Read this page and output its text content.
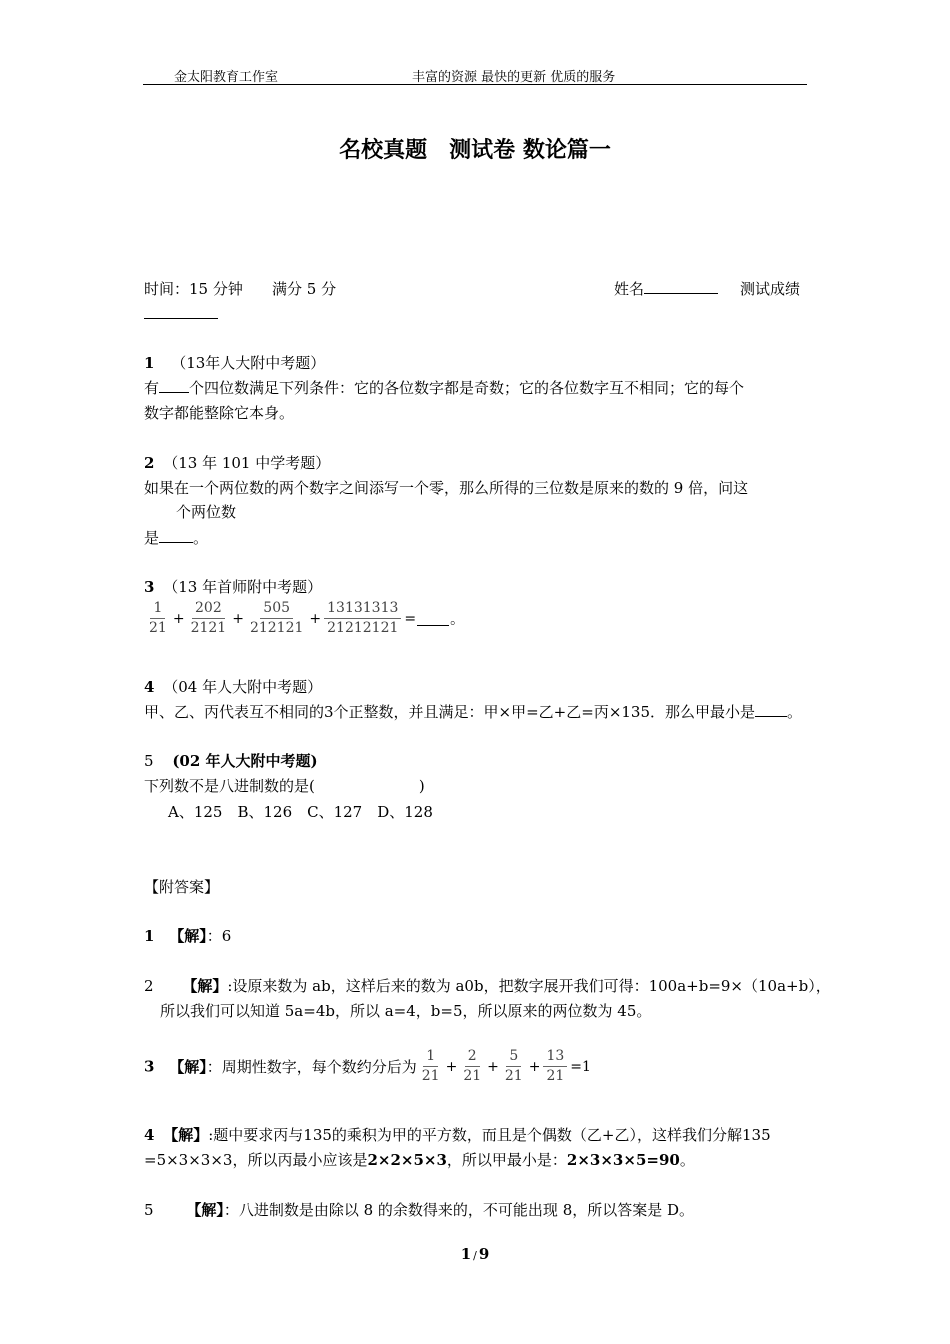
金太阳教育工作室	丰富的资源 最快的更新 优质的服务
名校真题　测试卷 数论篇一
时间：15 分钟 满分 5 分	姓名	测试成绩
1 （13年人大附中考题）
有 个四位数满足下列条件：它的各位数字都是奇数；它的各位数字互不相同；它的每个
数字都能整除它本身。
2 （13 年 101 中学考题）
如果在一个两位数的两个数字之间添写一个零，那么所得的三位数是原来的数的 9 倍，问这
个两位数
是 。
3 （13 年首师附中考题）
$\frac{1}{21} + \frac{202}{2121} + \frac{505}{212121} + \frac{13131313}{21212121}$ = 。
4 （04 年人大附中考题）
甲、乙、丙代表互不相同的3个正整数，并且满足：甲×甲=乙+乙=丙×135．那么甲最小是 。
5 (02 年人大附中考题)
下列数不是八进制数的是(	)
A、125　B、126　C、127　D、128
【附答案】
1 【解】：6
2 【解】:设原来数为 ab，这样后来的数为 a0b，把数字展开我们可得：100a+b=9×（10a+b），
所以我们可以知道 5a=4b，所以 a=4，b=5，所以原来的两位数为 45。
3 【解】：周期性数字，每个数约分后为 $\frac{1}{21} + \frac{2}{21} + \frac{5}{21} + \frac{13}{21} =1$
4 【解】:题中要求丙与135的乘积为甲的平方数，而且是个偶数（乙+乙），这样我们分解135
=5×3×3×3，所以丙最小应该是2×2×5×3，所以甲最小是：2×3×3×5=90。
5 【解】：八进制数是由除以 8 的余数得来的，不可能出现 8，所以答案是 D。
1 / 9
